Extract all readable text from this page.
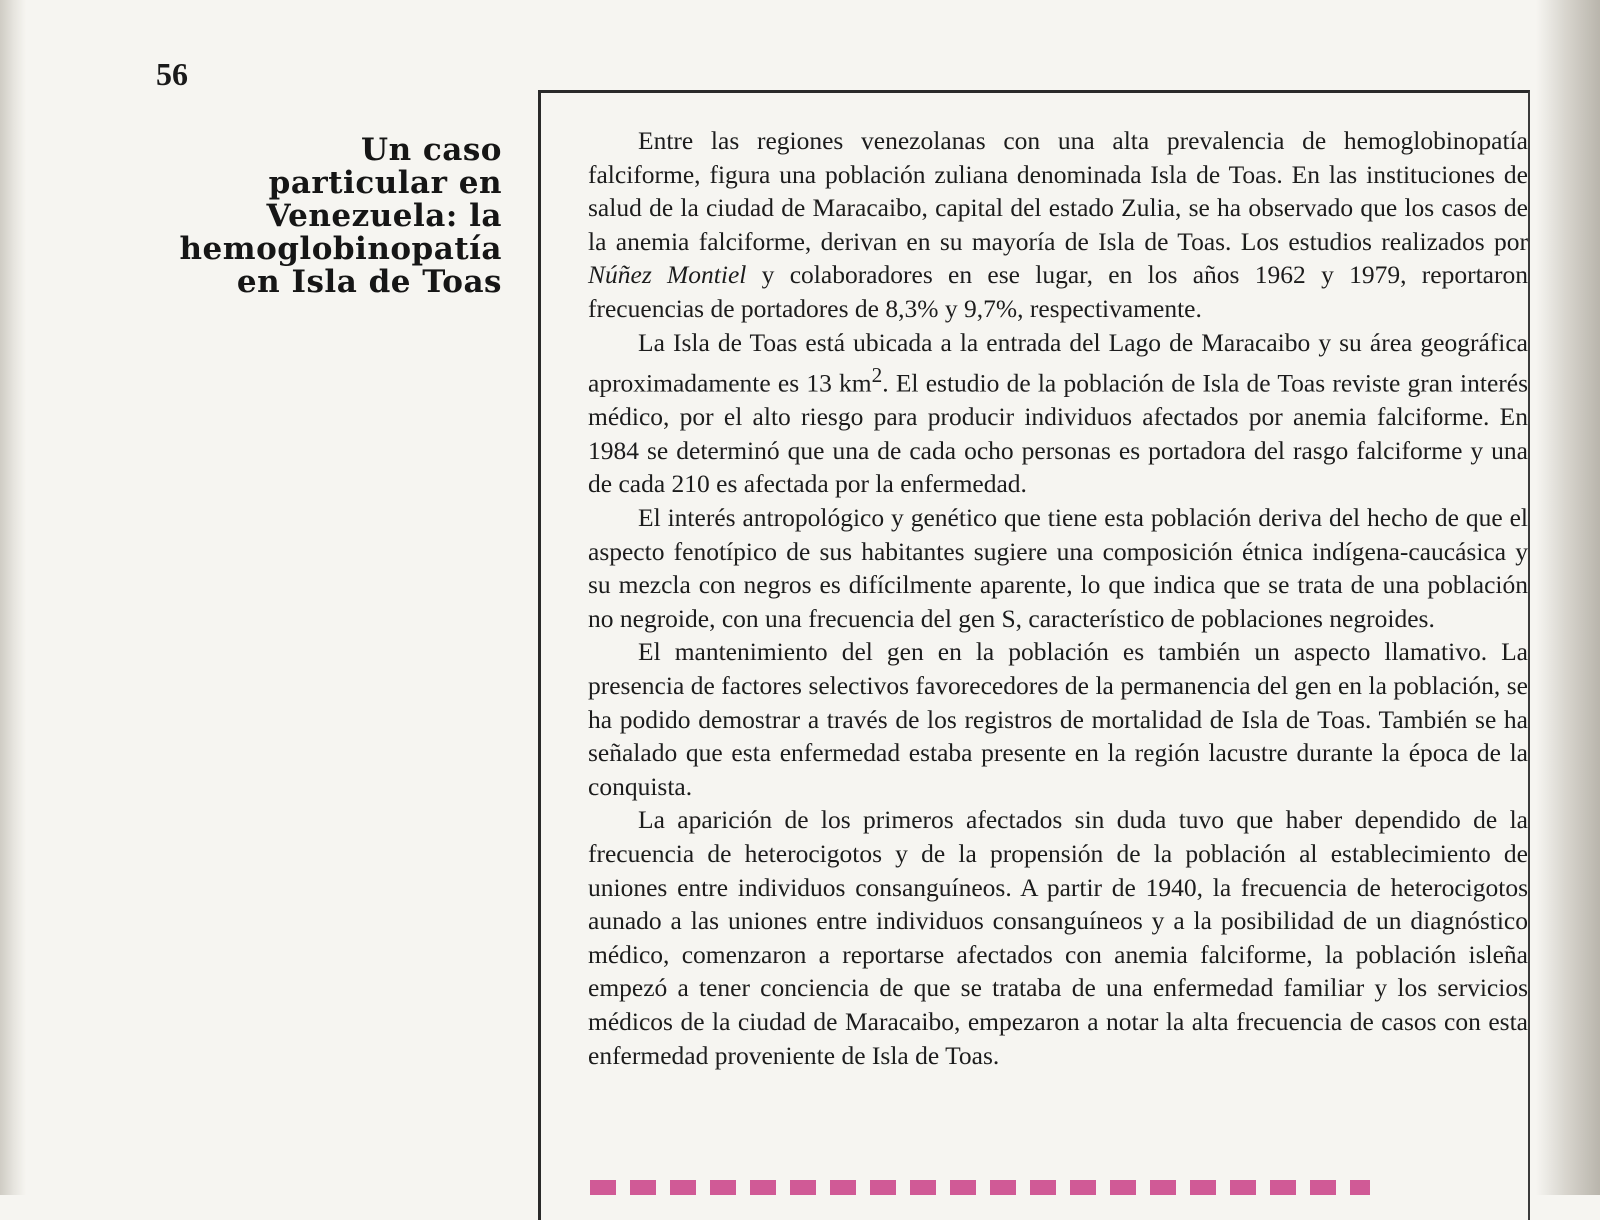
56
Un caso
particular en
Venezuela: la
hemoglobinopatía
en Isla de Toas

Entre las regiones venezolanas con una alta prevalencia de hemoglobinopatía falciforme, figura una población zuliana denominada Isla de Toas. En las instituciones de salud de la ciudad de Maracaibo, capital del estado Zulia, se ha observado que los casos de la anemia falciforme, derivan en su mayoría de Isla de Toas. Los estudios realizados por Núñez Montiel y colaboradores en ese lugar, en los años 1962 y 1979, reportaron frecuencias de portadores de 8,3% y 9,7%, respectivamente.

La Isla de Toas está ubicada a la entrada del Lago de Maracaibo y su área geográfica aproximadamente es 13 $km^2$. El estudio de la población de Isla de Toas reviste gran interés médico, por el alto riesgo para producir individuos afectados por anemia falciforme. En 1984 se determinó que una de cada ocho personas es portadora del rasgo falciforme y una de cada 210 es afectada por la enfermedad.

El interés antropológico y genético que tiene esta población deriva del hecho de que el aspecto fenotípico de sus habitantes sugiere una composición étnica indígena-caucásica y su mezcla con negros es difícilmente aparente, lo que indica que se trata de una población no negroide, con una frecuencia del gen S, característico de poblaciones negroides.

El mantenimiento del gen en la población es también un aspecto llamativo. La presencia de factores selectivos favorecedores de la permanencia del gen en la población, se ha podido demostrar a través de los registros de mortalidad de Isla de Toas. También se ha señalado que esta enfermedad estaba presente en la región lacustre durante la época de la conquista.

La aparición de los primeros afectados sin duda tuvo que haber dependido de la frecuencia de heterocigotos y de la propensión de la población al establecimiento de uniones entre individuos consanguíneos. A partir de 1940, la frecuencia de heterocigotos aunado a las uniones entre individuos consanguíneos y a la posibilidad de un diagnóstico médico, comenzaron a reportarse afectados con anemia falciforme, la población isleña empezó a tener conciencia de que se trataba de una enfermedad familiar y los servicios médicos de la ciudad de Maracaibo, empezaron a notar la alta frecuencia de casos con esta enfermedad proveniente de Isla de Toas.
